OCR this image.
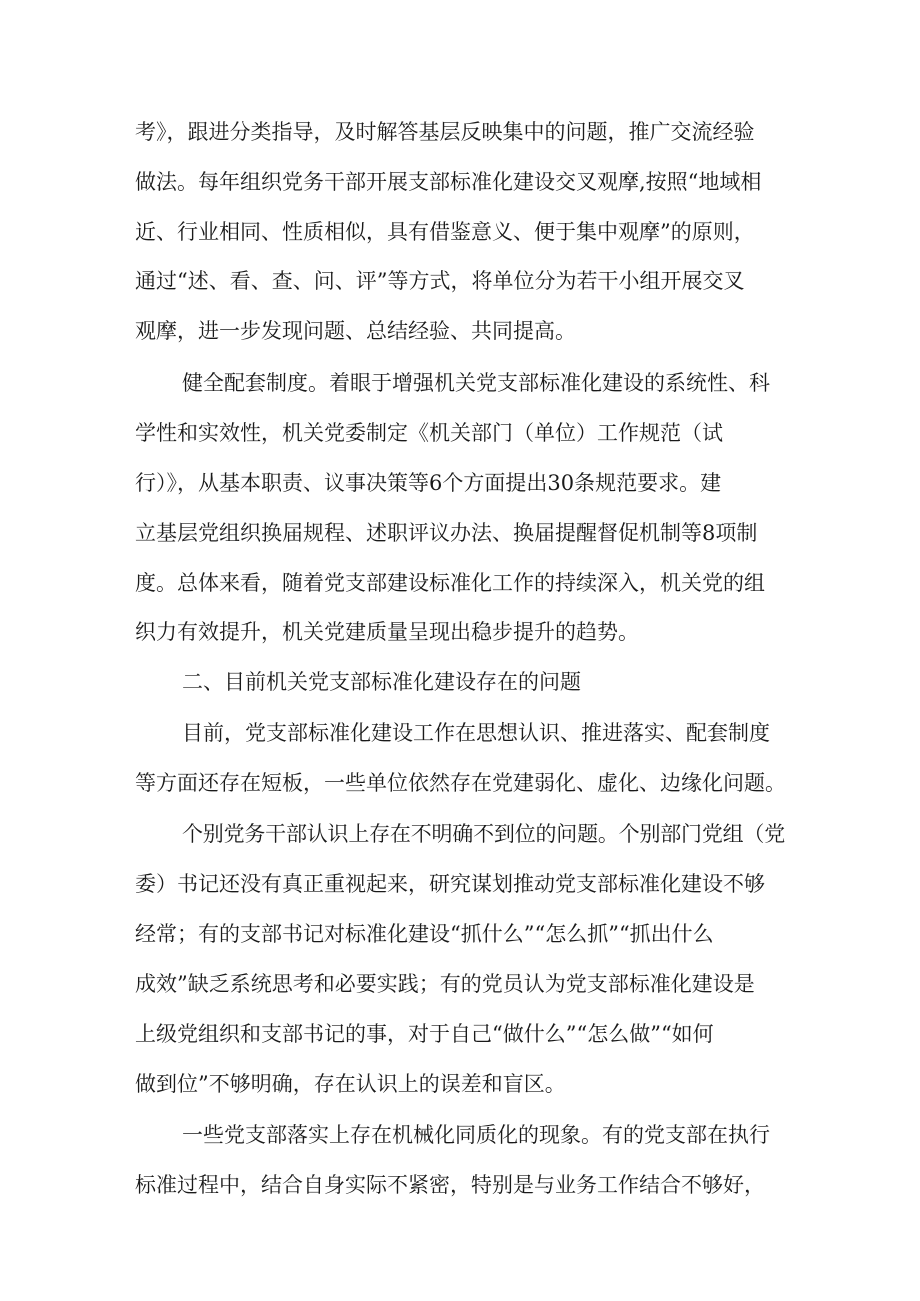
考》，跟进分类指导，及时解答基层反映集中的问题，推广交流经验
做法。每年组织党务干部开展支部标准化建设交叉观摩,按照“地域相
近、行业相同、性质相似，具有借鉴意义、便于集中观摩”的原则，
通过“述、看、查、问、评”等方式，将单位分为若干小组开展交叉
观摩，进一步发现问题、总结经验、共同提高。
健全配套制度。着眼于增强机关党支部标准化建设的系统性、科
学性和实效性，机关党委制定《机关部门（单位）工作规范（试
行）》，从基本职责、议事决策等6个方面提出30条规范要求。建
立基层党组织换届规程、述职评议办法、换届提醒督促机制等8项制
度。总体来看，随着党支部建设标准化工作的持续深入，机关党的组
织力有效提升，机关党建质量呈现出稳步提升的趋势。
二、目前机关党支部标准化建设存在的问题
目前，党支部标准化建设工作在思想认识、推进落实、配套制度
等方面还存在短板，一些单位依然存在党建弱化、虚化、边缘化问题。
个别党务干部认识上存在不明确不到位的问题。个别部门党组（党
委）书记还没有真正重视起来，研究谋划推动党支部标准化建设不够
经常；有的支部书记对标准化建设“抓什么”“怎么抓”“抓出什么
成效”缺乏系统思考和必要实践；有的党员认为党支部标准化建设是
上级党组织和支部书记的事，对于自己“做什么”“怎么做”“如何
做到位”不够明确，存在认识上的误差和盲区。
一些党支部落实上存在机械化同质化的现象。有的党支部在执行
标准过程中，结合自身实际不紧密，特别是与业务工作结合不够好，
